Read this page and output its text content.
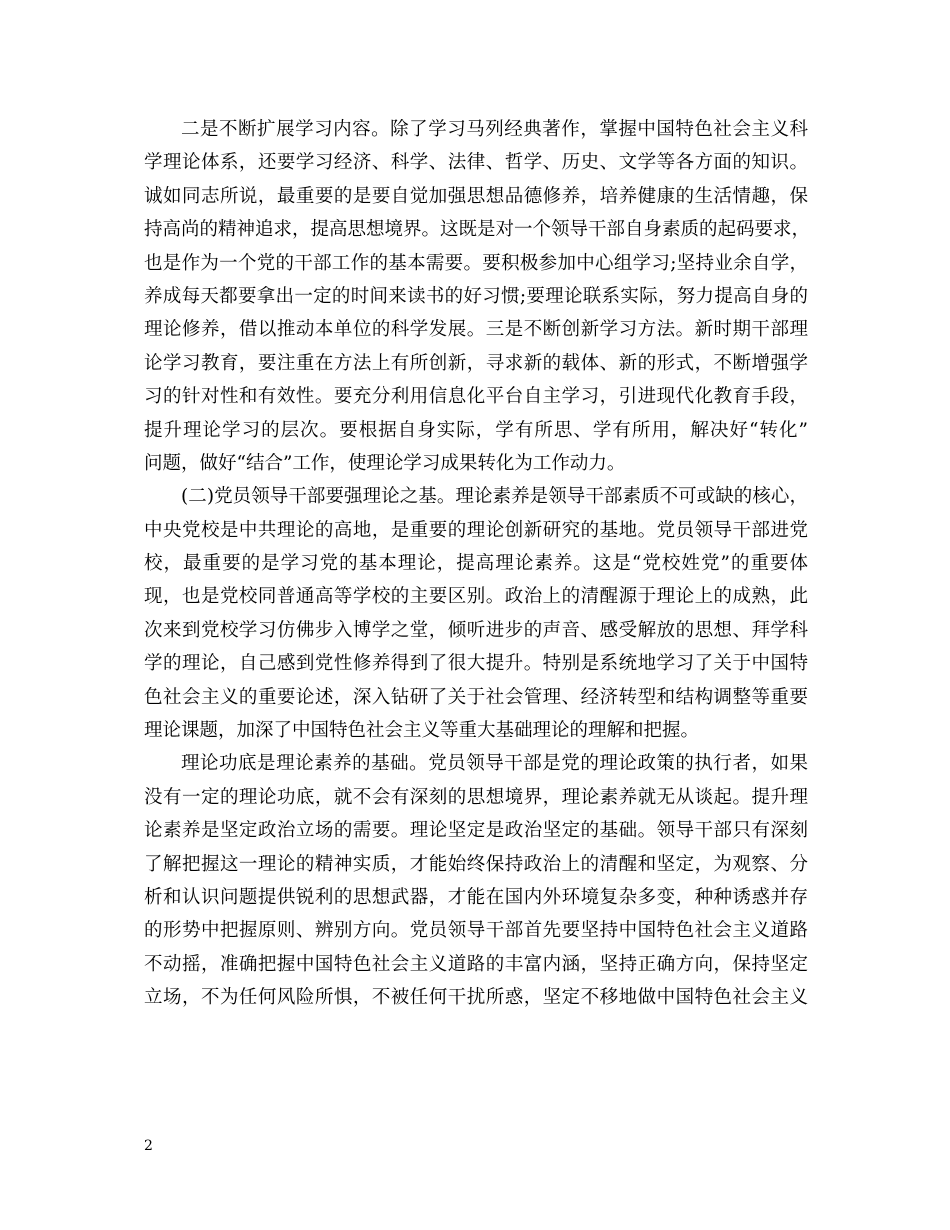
二是不断扩展学习内容。除了学习马列经典著作，掌握中国特色社会主义科
学理论体系，还要学习经济、科学、法律、哲学、历史、文学等各方面的知识。
诚如同志所说，最重要的是要自觉加强思想品德修养，培养健康的生活情趣，保
持高尚的精神追求，提高思想境界。这既是对一个领导干部自身素质的起码要求，
也是作为一个党的干部工作的基本需要。要积极参加中心组学习;坚持业余自学，
养成每天都要拿出一定的时间来读书的好习惯;要理论联系实际，努力提高自身的
理论修养，借以推动本单位的科学发展。三是不断创新学习方法。新时期干部理
论学习教育，要注重在方法上有所创新，寻求新的载体、新的形式，不断增强学
习的针对性和有效性。要充分利用信息化平台自主学习，引进现代化教育手段，
提升理论学习的层次。要根据自身实际，学有所思、学有所用，解决好“转化”
问题，做好“结合”工作，使理论学习成果转化为工作动力。
(二)党员领导干部要强理论之基。理论素养是领导干部素质不可或缺的核心，
中央党校是中共理论的高地，是重要的理论创新研究的基地。党员领导干部进党
校，最重要的是学习党的基本理论，提高理论素养。这是“党校姓党”的重要体
现，也是党校同普通高等学校的主要区别。政治上的清醒源于理论上的成熟，此
次来到党校学习仿佛步入博学之堂，倾听进步的声音、感受解放的思想、拜学科
学的理论，自己感到党性修养得到了很大提升。特别是系统地学习了关于中国特
色社会主义的重要论述，深入钻研了关于社会管理、经济转型和结构调整等重要
理论课题，加深了中国特色社会主义等重大基础理论的理解和把握。
理论功底是理论素养的基础。党员领导干部是党的理论政策的执行者，如果
没有一定的理论功底，就不会有深刻的思想境界，理论素养就无从谈起。提升理
论素养是坚定政治立场的需要。理论坚定是政治坚定的基础。领导干部只有深刻
了解把握这一理论的精神实质，才能始终保持政治上的清醒和坚定，为观察、分
析和认识问题提供锐利的思想武器，才能在国内外环境复杂多变，种种诱惑并存
的形势中把握原则、辨别方向。党员领导干部首先要坚持中国特色社会主义道路
不动摇，准确把握中国特色社会主义道路的丰富内涵，坚持正确方向，保持坚定
立场，不为任何风险所惧，不被任何干扰所惑，坚定不移地做中国特色社会主义
2
